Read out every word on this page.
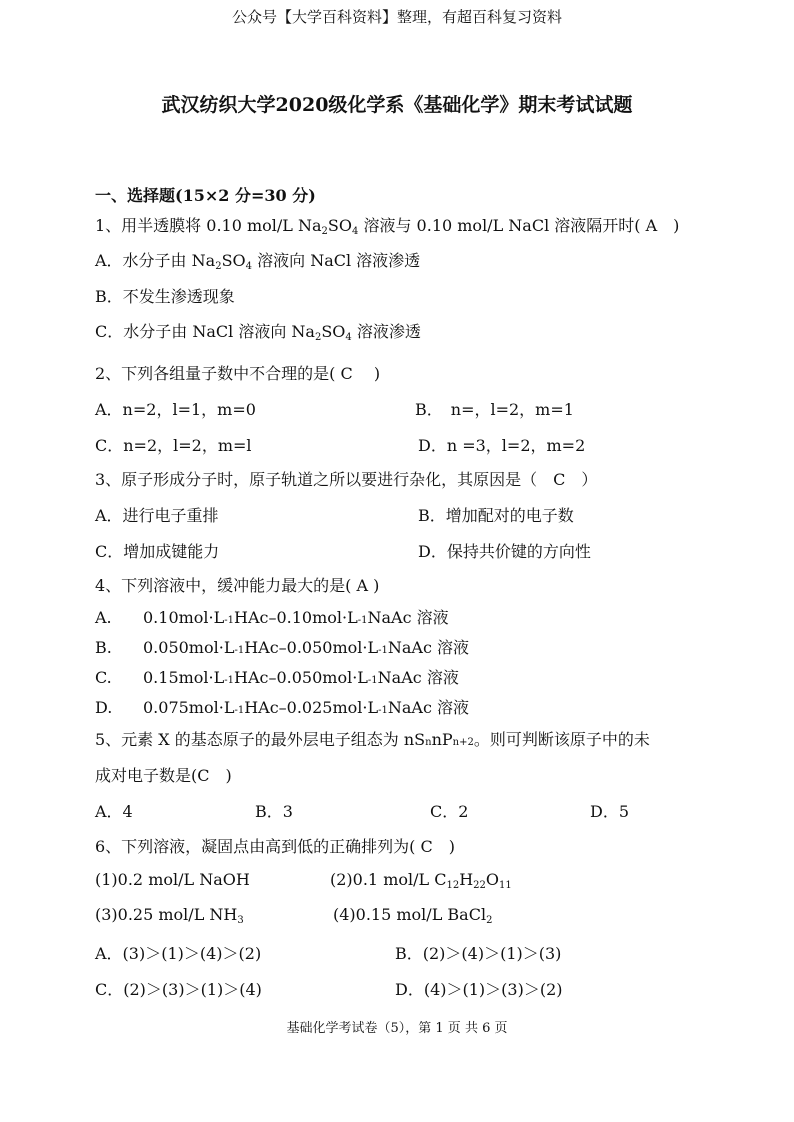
公众号【大学百科资料】整理，有超百科复习资料
武汉纺织大学2020级化学系《基础化学》期末考试试题
一、选择题(15×2 分=30 分)
1、用半透膜将 0.10 mol/L $Na_2SO_4$ 溶液与 0.10 mol/L NaCl 溶液隔开时( A　)
A．水分子由 $Na_2SO_4$ 溶液向 NaCl 溶液渗透
B．不发生渗透现象
C．水分子由 NaCl 溶液向 $Na_2SO_4$ 溶液渗透
2、下列各组量子数中不合理的是( C　 )
A．n=2，l=1，m=0	B．　n=，l=2，m=1
C．n=2，l=2，m=l	D．n =3，l=2，m=2
3、原子形成分子时，原子轨道之所以要进行杂化，其原因是（　C　）
A．进行电子重排	B．增加配对的电子数
C．增加成键能力	D．保持共价键的方向性
4、下列溶液中，缓冲能力最大的是( A )
A. 0.10mol·L-1HAc–0.10mol·L-1NaAc 溶液
B. 0.050mol·L-1HAc–0.050mol·L-1NaAc 溶液
C. 0.15mol·L-1HAc–0.050mol·L-1NaAc 溶液
D. 0.075mol·L-1HAc–0.025mol·L-1NaAc 溶液
5、元素 X 的基态原子的最外层电子组态为 nSnnPn+2。则可判断该原子中的未
成对电子数是(C　)
A．4	B．3	C．2	D．5
6、下列溶液，凝固点由高到低的正确排列为( C　)
(1)0.2 mol/L NaOH	(2)0.1 mol/L $C_{12}H_{22}O_{11}$
(3)0.25 mol/L $NH_3$	(4)0.15 mol/L BaCl$_2$
A．(3)＞(1)＞(4)＞(2)	B．(2)＞(4)＞(1)＞(3)
C．(2)＞(3)＞(1)＞(4)	D．(4)＞(1)＞(3)＞(2)
基础化学考试卷（5），第 1 页 共 6 页
